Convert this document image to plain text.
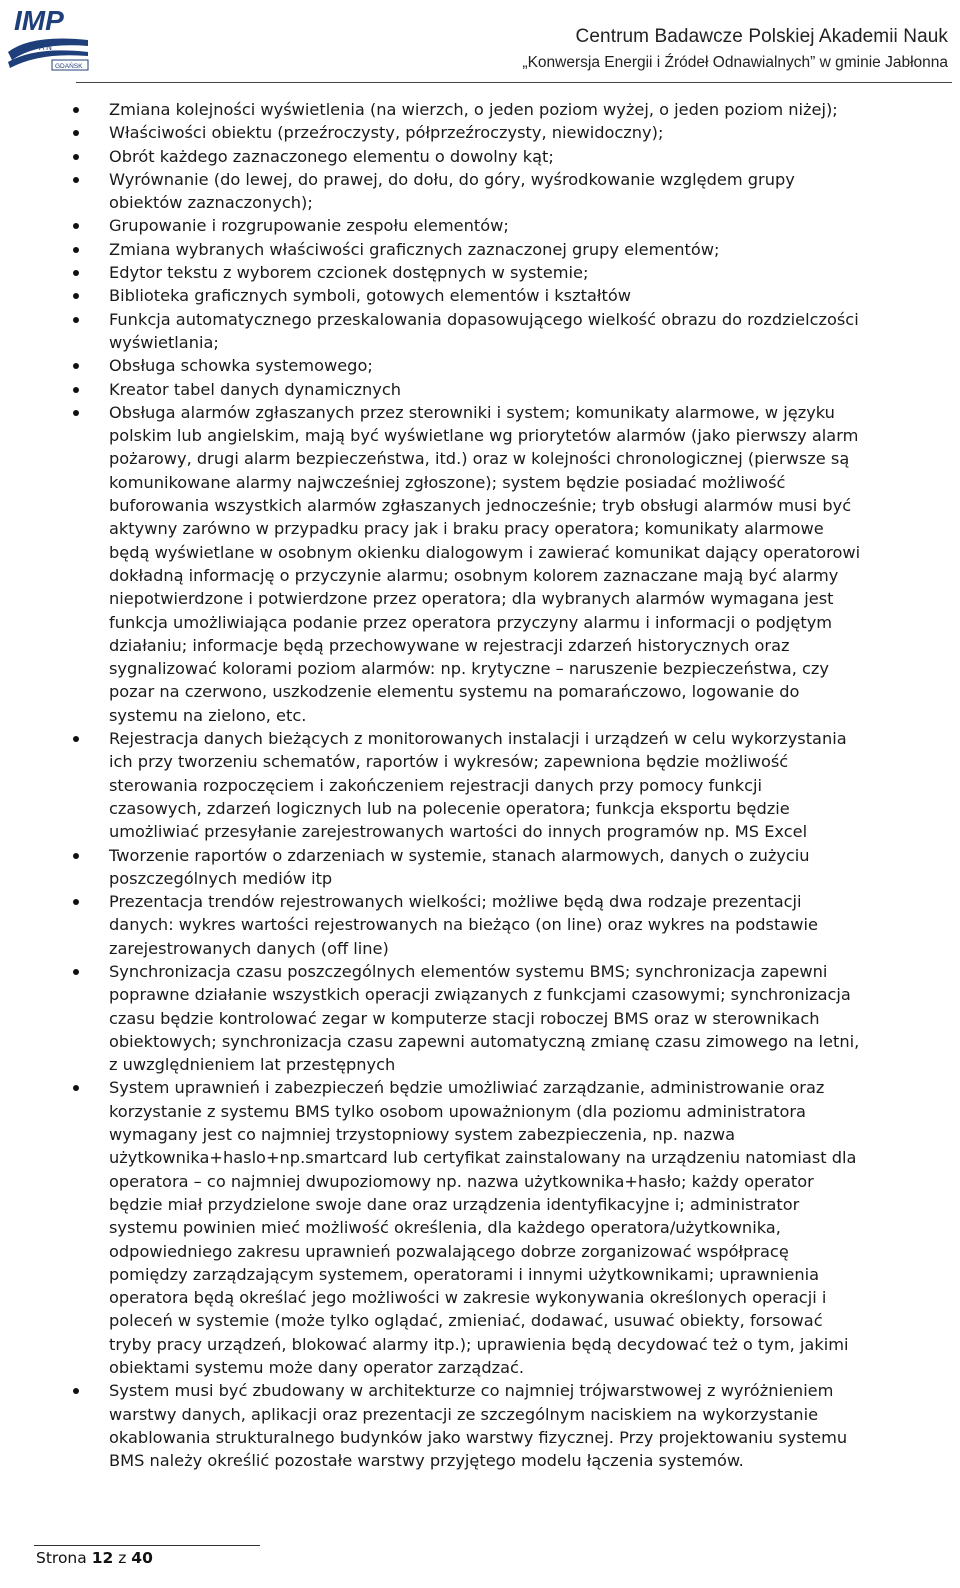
IMP
P A N
GDAŃSK
Centrum Badawcze Polskiej Akademii Nauk
„Konwersja Energii i Źródeł Odnawialnych” w gminie Jabłonna
Zmiana kolejności wyświetlenia (na wierzch, o jeden poziom wyżej, o jeden poziom niżej);
Właściwości obiektu (przeźroczysty, półprzeźroczysty, niewidoczny);
Obrót każdego zaznaczonego elementu o dowolny kąt;
Wyrównanie (do lewej, do prawej, do dołu, do góry, wyśrodkowanie względem grupy
obiektów zaznaczonych);
Grupowanie i rozgrupowanie zespołu elementów;
Zmiana wybranych właściwości graficznych zaznaczonej grupy elementów;
Edytor tekstu z wyborem czcionek dostępnych w systemie;
Biblioteka graficznych symboli, gotowych elementów i kształtów
Funkcja automatycznego przeskalowania dopasowującego wielkość obrazu do rozdzielczości
wyświetlania;
Obsługa schowka systemowego;
Kreator tabel danych dynamicznych
Obsługa alarmów zgłaszanych przez sterowniki i system; komunikaty alarmowe, w języku
polskim lub angielskim, mają być wyświetlane wg priorytetów alarmów (jako pierwszy alarm
pożarowy, drugi alarm bezpieczeństwa, itd.) oraz w kolejności chronologicznej (pierwsze są
komunikowane alarmy najwcześniej zgłoszone); system będzie posiadać możliwość
buforowania wszystkich alarmów zgłaszanych jednocześnie; tryb obsługi alarmów musi być
aktywny zarówno w przypadku pracy jak i braku pracy operatora; komunikaty alarmowe
będą wyświetlane w osobnym okienku dialogowym i zawierać komunikat dający operatorowi
dokładną informację o przyczynie alarmu; osobnym kolorem zaznaczane mają być alarmy
niepotwierdzone i potwierdzone przez operatora; dla wybranych alarmów wymagana jest
funkcja umożliwiająca podanie przez operatora przyczyny alarmu i informacji o podjętym
działaniu; informacje będą przechowywane w rejestracji zdarzeń historycznych oraz
sygnalizować kolorami poziom alarmów: np. krytyczne – naruszenie bezpieczeństwa, czy
pozar na czerwono, uszkodzenie elementu systemu na pomarańczowo, logowanie do
systemu na zielono, etc.
Rejestracja danych bieżących z monitorowanych instalacji i urządzeń w celu wykorzystania
ich przy tworzeniu schematów, raportów i wykresów; zapewniona będzie możliwość
sterowania rozpoczęciem i zakończeniem rejestracji danych przy pomocy funkcji
czasowych, zdarzeń logicznych lub na polecenie operatora; funkcja eksportu będzie
umożliwiać przesyłanie zarejestrowanych wartości do innych programów np. MS Excel
Tworzenie raportów o zdarzeniach w systemie, stanach alarmowych, danych o zużyciu
poszczególnych mediów itp
Prezentacja trendów rejestrowanych wielkości; możliwe będą dwa rodzaje prezentacji
danych: wykres wartości rejestrowanych na bieżąco (on line) oraz wykres na podstawie
zarejestrowanych danych (off line)
Synchronizacja czasu poszczególnych elementów systemu BMS; synchronizacja zapewni
poprawne działanie wszystkich operacji związanych z funkcjami czasowymi; synchronizacja
czasu będzie kontrolować zegar w komputerze stacji roboczej BMS oraz w sterownikach
obiektowych; synchronizacja czasu zapewni automatyczną zmianę czasu zimowego na letni,
z uwzględnieniem lat przestępnych
System uprawnień i zabezpieczeń będzie umożliwiać zarządzanie, administrowanie oraz
korzystanie z systemu BMS tylko osobom upoważnionym (dla poziomu administratora
wymagany jest co najmniej trzystopniowy system zabezpieczenia, np. nazwa
użytkownika+haslo+np.smartcard lub certyfikat zainstalowany na urządzeniu natomiast dla
operatora – co najmniej dwupoziomowy np. nazwa użytkownika+hasło; każdy operator
będzie miał przydzielone swoje dane oraz urządzenia identyfikacyjne i; administrator
systemu powinien mieć możliwość określenia, dla każdego operatora/użytkownika,
odpowiedniego zakresu uprawnień pozwalającego dobrze zorganizować współpracę
pomiędzy zarządzającym systemem, operatorami i innymi użytkownikami; uprawnienia
operatora będą określać jego możliwości w zakresie wykonywania określonych operacji i
poleceń w systemie (może tylko oglądać, zmieniać, dodawać, usuwać obiekty, forsować
tryby pracy urządzeń, blokować alarmy itp.); uprawienia będą decydować też o tym, jakimi
obiektami systemu może dany operator zarządzać.
System musi być zbudowany w architekturze co najmniej trójwarstwowej z wyróżnieniem
warstwy danych, aplikacji oraz prezentacji ze szczególnym naciskiem na wykorzystanie
okablowania strukturalnego budynków jako warstwy fizycznej. Przy projektowaniu systemu
BMS należy określić pozostałe warstwy przyjętego modelu łączenia systemów.
Strona 12 z 40
